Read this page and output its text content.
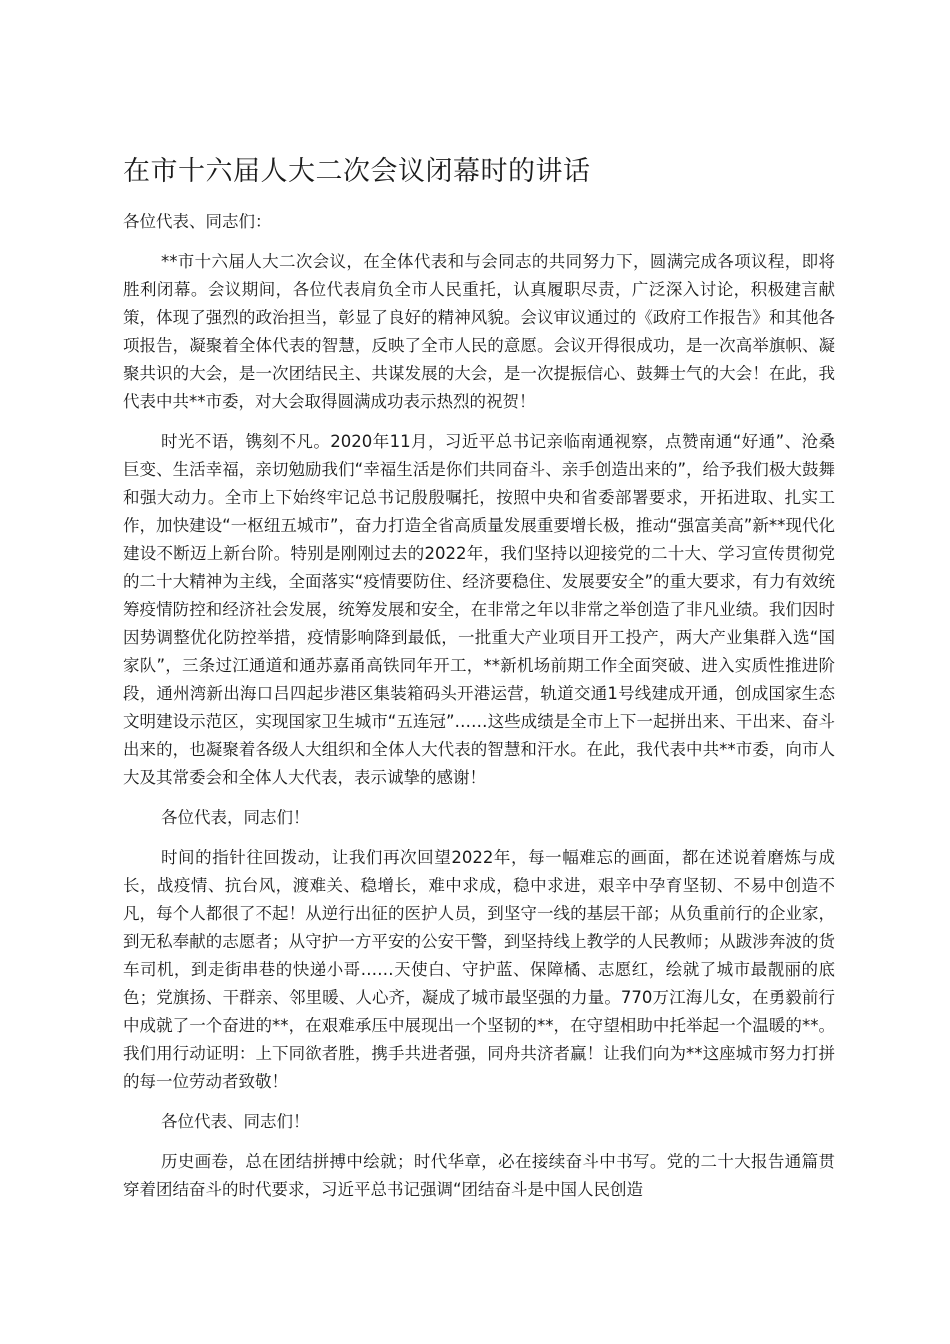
在市十六届人大二次会议闭幕时的讲话

各位代表、同志们：

**市十六届人大二次会议，在全体代表和与会同志的共同努力下，圆满完成各项议程，即将胜利闭幕。会议期间，各位代表肩负全市人民重托，认真履职尽责，广泛深入讨论，积极建言献策，体现了强烈的政治担当，彰显了良好的精神风貌。会议审议通过的《政府工作报告》和其他各项报告，凝聚着全体代表的智慧，反映了全市人民的意愿。会议开得很成功，是一次高举旗帜、凝聚共识的大会，是一次团结民主、共谋发展的大会，是一次提振信心、鼓舞士气的大会！在此，我代表中共**市委，对大会取得圆满成功表示热烈的祝贺！

时光不语，镌刻不凡。2020年11月，习近平总书记亲临南通视察，点赞南通“好通”、沧桑巨变、生活幸福，亲切勉励我们“幸福生活是你们共同奋斗、亲手创造出来的”，给予我们极大鼓舞和强大动力。全市上下始终牢记总书记殷殷嘱托，按照中央和省委部署要求，开拓进取、扎实工作，加快建设“一枢纽五城市”，奋力打造全省高质量发展重要增长极，推动“强富美高”新**现代化建设不断迈上新台阶。特别是刚刚过去的2022年，我们坚持以迎接党的二十大、学习宣传贯彻党的二十大精神为主线，全面落实“疫情要防住、经济要稳住、发展要安全”的重大要求，有力有效统筹疫情防控和经济社会发展，统筹发展和安全，在非常之年以非常之举创造了非凡业绩。我们因时因势调整优化防控举措，疫情影响降到最低，一批重大产业项目开工投产，两大产业集群入选“国家队”，三条过江通道和通苏嘉甬高铁同年开工，**新机场前期工作全面突破、进入实质性推进阶段，通州湾新出海口吕四起步港区集装箱码头开港运营，轨道交通1号线建成开通，创成国家生态文明建设示范区，实现国家卫生城市“五连冠”……这些成绩是全市上下一起拼出来、干出来、奋斗出来的，也凝聚着各级人大组织和全体人大代表的智慧和汗水。在此，我代表中共**市委，向市人大及其常委会和全体人大代表，表示诚挚的感谢！

各位代表，同志们！

时间的指针往回拨动，让我们再次回望2022年，每一幅难忘的画面，都在述说着磨炼与成长，战疫情、抗台风，渡难关、稳增长，难中求成，稳中求进，艰辛中孕育坚韧、不易中创造不凡，每个人都很了不起！从逆行出征的医护人员，到坚守一线的基层干部；从负重前行的企业家，到无私奉献的志愿者；从守护一方平安的公安干警，到坚持线上教学的人民教师；从跋涉奔波的货车司机，到走街串巷的快递小哥……天使白、守护蓝、保障橘、志愿红，绘就了城市最靓丽的底色；党旗扬、干群亲、邻里暖、人心齐，凝成了城市最坚强的力量。770万江海儿女，在勇毅前行中成就了一个奋进的**，在艰难承压中展现出一个坚韧的**，在守望相助中托举起一个温暖的**。我们用行动证明：上下同欲者胜，携手共进者强，同舟共济者赢！让我们向为**这座城市努力打拼的每一位劳动者致敬！

各位代表、同志们！

历史画卷，总在团结拼搏中绘就；时代华章，必在接续奋斗中书写。党的二十大报告通篇贯穿着团结奋斗的时代要求，习近平总书记强调“团结奋斗是中国人民创造
